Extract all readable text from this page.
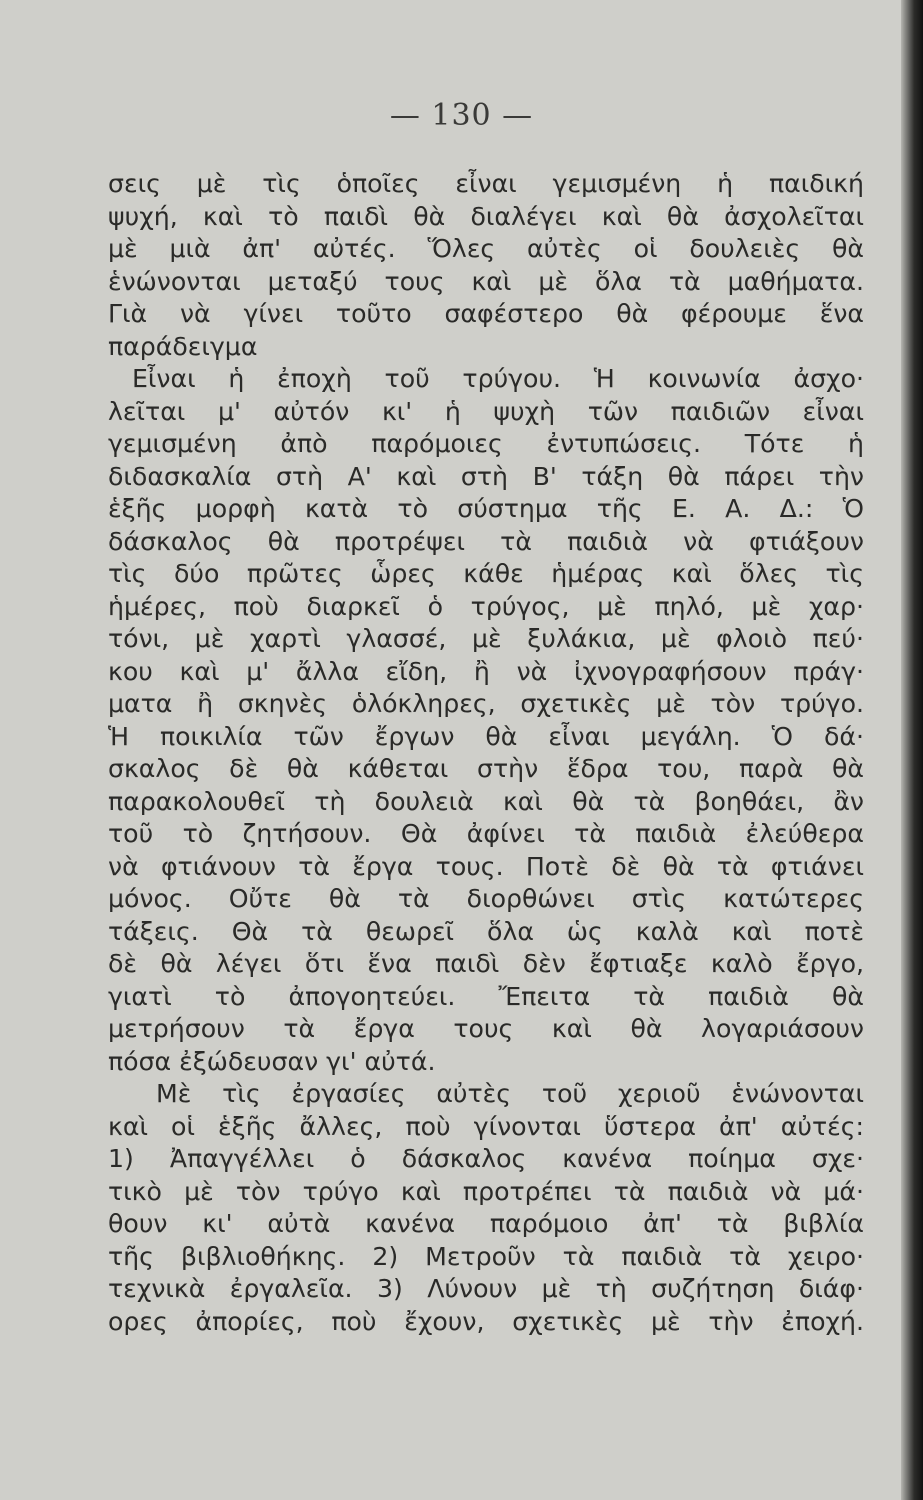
— 130 —
σεις μὲ τὶς ὁποῖες εἶναι γεμισμένη ἡ παιδική
ψυχή, καὶ τὸ παιδὶ θὰ διαλέγει καὶ θὰ ἀσχολεῖται
μὲ μιὰ ἀπ' αὐτές. Ὅλες αὐτὲς οἱ δουλειὲς θὰ
ἑνώνονται μεταξύ τους καὶ μὲ ὅλα τὰ μαθήματα.
Γιὰ νὰ γίνει τοῦτο σαφέστερο θὰ φέρουμε ἕνα
παράδειγμα
Εἶναι ἡ ἐποχὴ τοῦ τρύγου. Ἡ κοινωνία ἀσχο·
λεῖται μ' αὐτόν κι' ἡ ψυχὴ τῶν παιδιῶν εἶναι
γεμισμένη ἀπὸ παρόμοιες ἐντυπώσεις. Τότε ἡ
διδασκαλία στὴ Α' καὶ στὴ Β' τάξη θὰ πάρει τὴν
ἑξῆς μορφὴ κατὰ τὸ σύστημα τῆς Ε. Α. Δ.: Ὁ
δάσκαλος θὰ προτρέψει τὰ παιδιὰ νὰ φτιάξουν
τὶς δύο πρῶτες ὧρες κάθε ἡμέρας καὶ ὅλες τὶς
ἡμέρες, ποὺ διαρκεῖ ὁ τρύγος, μὲ πηλό, μὲ χαρ·
τόνι, μὲ χαρτὶ γλασσέ, μὲ ξυλάκια, μὲ φλοιὸ πεύ·
κου καὶ μ' ἄλλα εἴδη, ἢ νὰ ἰχνογραφήσουν πράγ·
ματα ἢ σκηνὲς ὁλόκληρες, σχετικὲς μὲ τὸν τρύγο.
Ἡ ποικιλία τῶν ἔργων θὰ εἶναι μεγάλη. Ὁ δά·
σκαλος δὲ θὰ κάθεται στὴν ἕδρα του, παρὰ θὰ
παρακολουθεῖ τὴ δουλειὰ καὶ θὰ τὰ βοηθάει, ἂν
τοῦ τὸ ζητήσουν. Θὰ ἀφίνει τὰ παιδιὰ ἐλεύθερα
νὰ φτιάνουν τὰ ἔργα τους. Ποτὲ δὲ θὰ τὰ φτιάνει
μόνος. Οὔτε θὰ τὰ διορθώνει στὶς κατώτερες
τάξεις. Θὰ τὰ θεωρεῖ ὅλα ὡς καλὰ καὶ ποτὲ
δὲ θὰ λέγει ὅτι ἕνα παιδὶ δὲν ἔφτιαξε καλὸ ἔργο,
γιατὶ τὸ ἀπογοητεύει. Ἔπειτα τὰ παιδιὰ θὰ
μετρήσουν τὰ ἔργα τους καὶ θὰ λογαριάσουν
πόσα ἐξώδευσαν γι' αὐτά.
Μὲ τὶς ἐργασίες αὐτὲς τοῦ χεριοῦ ἑνώνονται
καὶ οἱ ἑξῆς ἄλλες, ποὺ γίνονται ὕστερα ἀπ' αὐτές:
1) Ἀπαγγέλλει ὁ δάσκαλος κανένα ποίημα σχε·
τικὸ μὲ τὸν τρύγο καὶ προτρέπει τὰ παιδιὰ νὰ μά·
θουν κι' αὐτὰ κανένα παρόμοιο ἀπ' τὰ βιβλία
τῆς βιβλιοθήκης. 2) Μετροῦν τὰ παιδιὰ τὰ χειρο·
τεχνικὰ ἐργαλεῖα. 3) Λύνουν μὲ τὴ συζήτηση διάφ·
ορες ἀπορίες, ποὺ ἔχουν, σχετικὲς μὲ τὴν ἐποχή.
